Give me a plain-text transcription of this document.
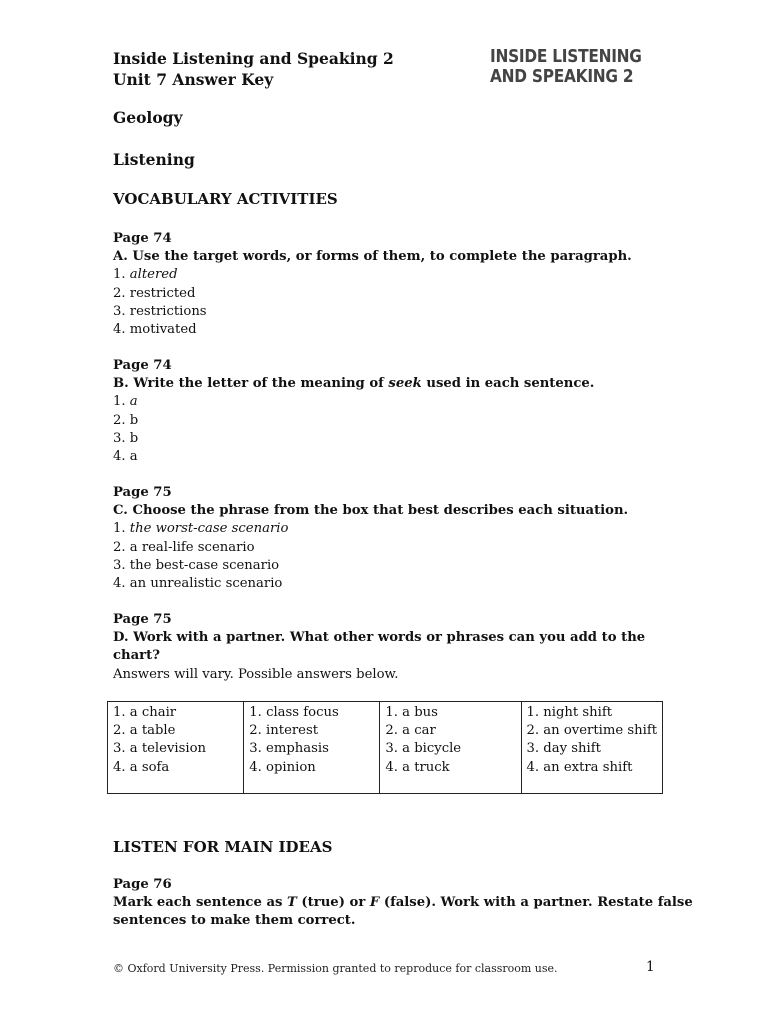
Inside Listening and Speaking 2
Unit 7 Answer Key
INSIDE LISTENING
AND SPEAKING 2
Geology
Listening
VOCABULARY ACTIVITIES
Page 74
A. Use the target words, or forms of them, to complete the paragraph.
1. altered
2. restricted
3. restrictions
4. motivated
Page 74
B. Write the letter of the meaning of seek used in each sentence.
1. a
2. b
3. b
4. a
Page 75
C. Choose the phrase from the box that best describes each situation.
1. the worst-case scenario
2. a real-life scenario
3. the best-case scenario
4. an unrealistic scenario
Page 75
D. Work with a partner. What other words or phrases can you add to the
chart?
Answers will vary. Possible answers below.
1. a chair
2. a table
3. a television
4. a sofa

1. class focus
2. interest
3. emphasis
4. opinion

1. a bus
2. a car
3. a bicycle
4. a truck

1. night shift
2. an overtime shift
3. day shift
4. an extra shift
LISTEN FOR MAIN IDEAS
Page 76
Mark each sentence as T (true) or F (false). Work with a partner. Restate false
sentences to make them correct.
© Oxford University Press. Permission granted to reproduce for classroom use.	1
